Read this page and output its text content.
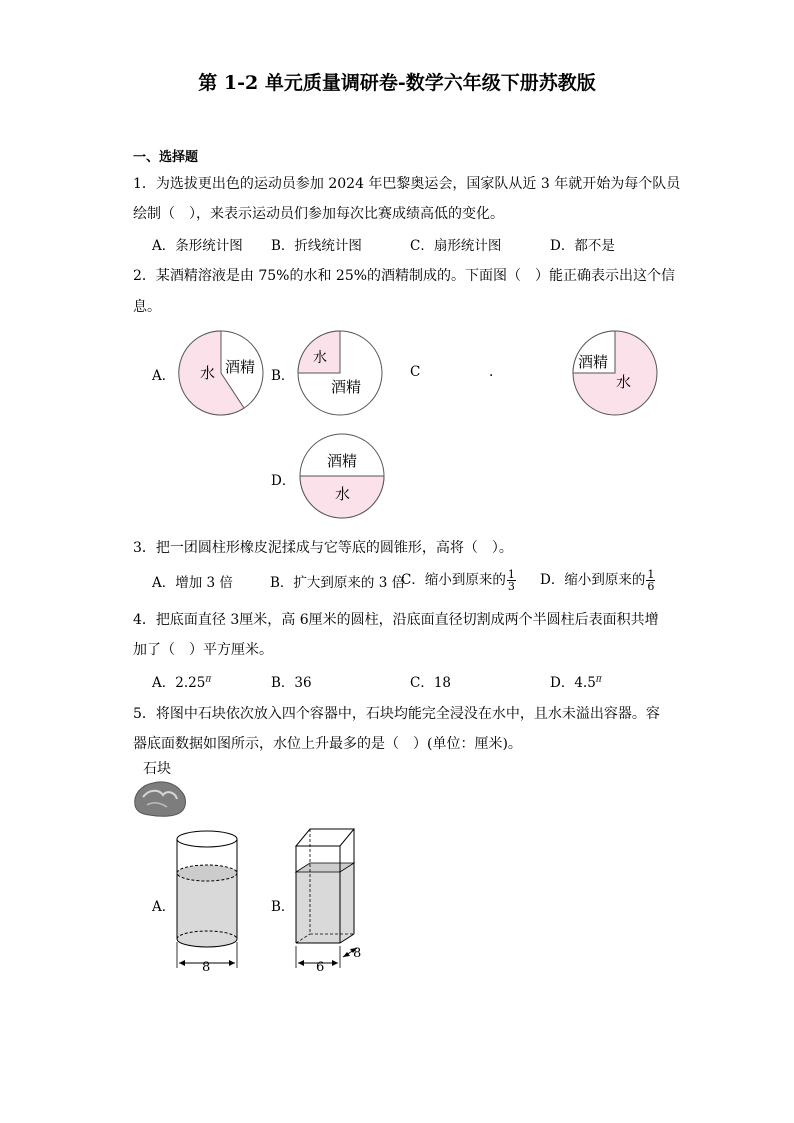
第 1-2 单元质量调研卷-数学六年级下册苏教版
一、选择题
1．为选拔更出色的运动员参加 2024 年巴黎奥运会，国家队从近 3 年就开始为每个队员
绘制（　），来表示运动员们参加每次比赛成绩高低的变化。
A．条形统计图 B．折线统计图	C．扇形统计图	D．都不是
2．某酒精溶液是由 75%的水和 25%的酒精制成的。下面图（　）能正确表示出这个信
息。
A． 水 酒精 B．
水
酒精
C	.
酒精
水
D．
酒精
水
3．把一团圆柱形橡皮泥揉成与它等底的圆锥形，高将（　）。
A．增加 3 倍	B．扩大到原来的 3 倍
C．缩小到原来的 $\frac{1}{3}$ D．缩小到原来的 $\frac{1}{6}$
4．把底面直径 3厘米，高 6厘米的圆柱，沿底面直径切割成两个半圆柱后表面积共增
加了（　）平方厘米。
A．$2.25^\pi$	B．36	C．18	D．$4.5^\pi$
5．将图中石块依次放入四个容器中，石块均能完全浸没在水中，且水未溢出容器。容
器底面数据如图所示，水位上升最多的是（　）(单位：厘米)。
石块
A．
8
B．
6
8
